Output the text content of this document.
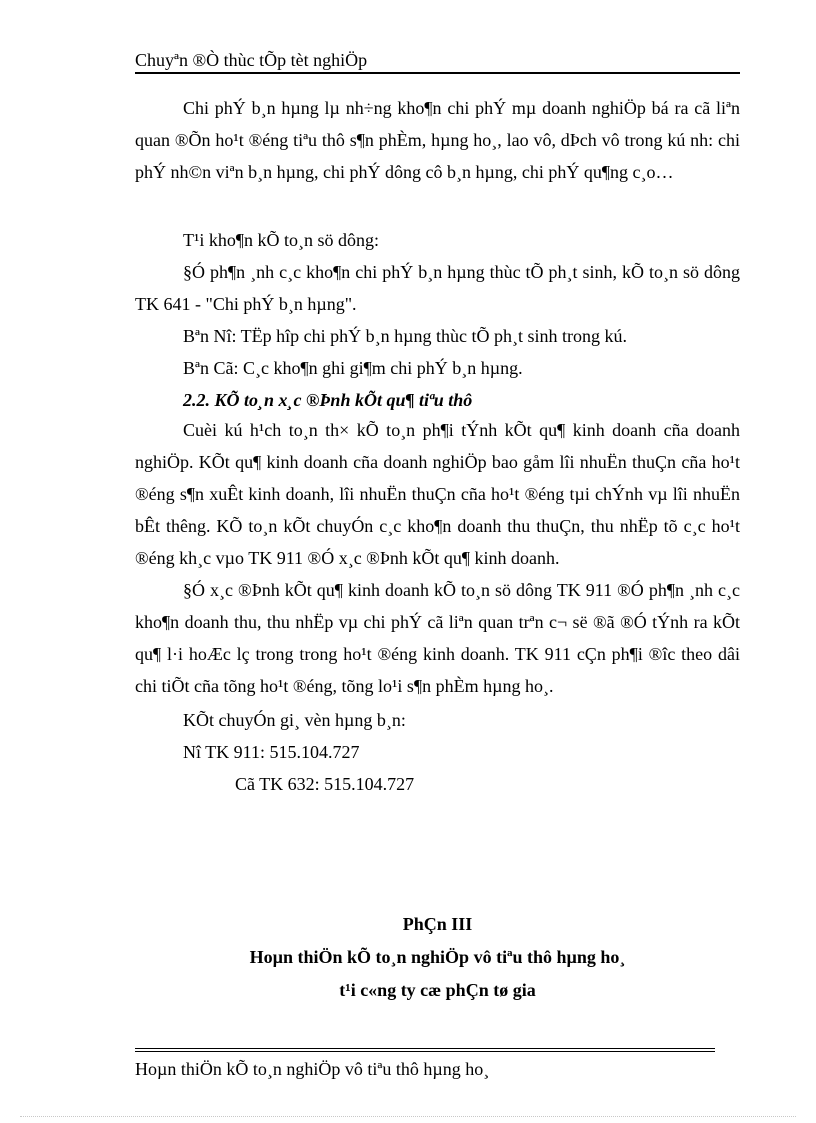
Chuyªn ®Ò thùc tÕp tèt nghiÖp
Chi phÝ b¸n hµng lµ nh÷ng kho¶n chi phÝ mµ doanh nghiÖp bá ra cã liªn quan ®Õn ho¹t ®éng tiªu thô s¶n phÈm, hµng ho¸, lao vô, dÞch vô trong kú nh: chi phÝ nh©n viªn b¸n hµng, chi phÝ dông cô b¸n hµng, chi phÝ qu¶ng c¸o…
T¹i kho¶n kÕ to¸n sö dông:
§Ó ph¶n ¸nh c¸c kho¶n chi phÝ b¸n hµng thùc tÕ ph¸t sinh, kÕ to¸n sö dông TK 641 - "Chi phÝ b¸n hµng".
Bªn Nî: TËp hîp chi phÝ b¸n hµng thùc tÕ ph¸t sinh trong kú.
Bªn Cã: C¸c kho¶n ghi gi¶m chi phÝ b¸n hµng.
2.2. KÕ to¸n x¸c ®Þnh kÕt qu¶ tiªu thô
Cuèi kú h¹ch to¸n th× kÕ to¸n ph¶i tÝnh kÕt qu¶ kinh doanh cña doanh nghiÖp. KÕt qu¶ kinh doanh cña doanh nghiÖp bao gåm lîi nhuËn thuÇn cña ho¹t ®éng s¶n xuÊt kinh doanh, lîi nhuËn thuÇn cña ho¹t ®éng tµi chÝnh vµ lîi nhuËn bÊt thêng. KÕ to¸n kÕt chuyÓn c¸c kho¶n doanh thu thuÇn, thu nhËp tõ c¸c ho¹t ®éng kh¸c vµo TK 911 ®Ó x¸c ®Þnh kÕt qu¶ kinh doanh.
§Ó x¸c ®Þnh kÕt qu¶ kinh doanh kÕ to¸n sö dông TK 911 ®Ó ph¶n ¸nh c¸c kho¶n doanh thu, thu nhËp vµ chi phÝ cã liªn quan trªn c¬ së ®ã ®Ó tÝnh ra kÕt qu¶ l·i hoÆc lç trong trong ho¹t ®éng kinh doanh. TK 911 cÇn ph¶i ®îc theo dâi chi tiÕt cña tõng ho¹t ®éng, tõng lo¹i s¶n phÈm hµng ho¸.
KÕt chuyÓn gi¸ vèn hµng b¸n:
Nî TK 911: 515.104.727
Cã TK 632: 515.104.727
PhÇn III
Hoµn thiÖn kÕ to¸n nghiÖp vô tiªu thô hµng ho¸
t¹i c«ng ty cæ phÇn tø gia
Hoµn thiÖn kÕ to¸n nghiÖp vô tiªu thô hµng ho¸
